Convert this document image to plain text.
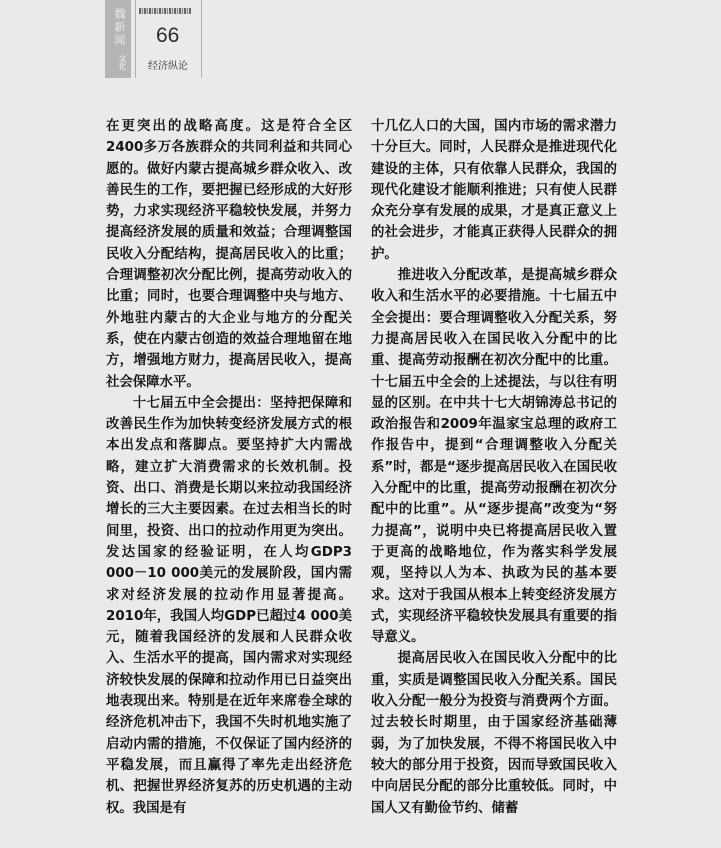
魏新闻
文化
66
经济纵论

在更突出的战略高度。这是符合全区2400多万各族群众的共同利益和共同心愿的。做好内蒙古提高城乡群众收入、改善民生的工作，要把握已经形成的大好形势，力求实现经济平稳较快发展，并努力提高经济发展的质量和效益；合理调整国民收入分配结构，提高居民收入的比重；合理调整初次分配比例，提高劳动收入的比重；同时，也要合理调整中央与地方、外地驻内蒙古的大企业与地方的分配关系，使在内蒙古创造的效益合理地留在地方，增强地方财力，提高居民收入，提高社会保障水平。

十七届五中全会提出：坚持把保障和改善民生作为加快转变经济发展方式的根本出发点和落脚点。要坚持扩大内需战略，建立扩大消费需求的长效机制。投资、出口、消费是长期以来拉动我国经济增长的三大主要因素。在过去相当长的时间里，投资、出口的拉动作用更为突出。发达国家的经验证明，在人均GDP3 000－10 000美元的发展阶段，国内需求对经济发展的拉动作用显著提高。2010年，我国人均GDP已超过4 000美元，随着我国经济的发展和人民群众收入、生活水平的提高，国内需求对实现经济较快发展的保障和拉动作用已日益突出地表现出来。特别是在近年来席卷全球的经济危机冲击下，我国不失时机地实施了启动内需的措施，不仅保证了国内经济的平稳发展，而且赢得了率先走出经济危机、把握世界经济复苏的历史机遇的主动权。我国是有

十几亿人口的大国，国内市场的需求潜力十分巨大。同时，人民群众是推进现代化建设的主体，只有依靠人民群众，我国的现代化建设才能顺利推进；只有使人民群众充分享有发展的成果，才是真正意义上的社会进步，才能真正获得人民群众的拥护。

推进收入分配改革，是提高城乡群众收入和生活水平的必要措施。十七届五中全会提出：要合理调整收入分配关系，努力提高居民收入在国民收入分配中的比重、提高劳动报酬在初次分配中的比重。十七届五中全会的上述提法，与以往有明显的区别。在中共十七大胡锦涛总书记的政治报告和2009年温家宝总理的政府工作报告中，提到“合理调整收入分配关系”时，都是“逐步提高居民收入在国民收入分配中的比重，提高劳动报酬在初次分配中的比重”。从“逐步提高”改变为“努力提高”，说明中央已将提高居民收入置于更高的战略地位，作为落实科学发展观，坚持以人为本、执政为民的基本要求。这对于我国从根本上转变经济发展方式，实现经济平稳较快发展具有重要的指导意义。

提高居民收入在国民收入分配中的比重，实质是调整国民收入分配关系。国民收入分配一般分为投资与消费两个方面。过去较长时期里，由于国家经济基础薄弱，为了加快发展，不得不将国民收入中较大的部分用于投资，因而导致国民收入中向居民分配的部分比重较低。同时，中国人又有勤俭节约、储蓄
